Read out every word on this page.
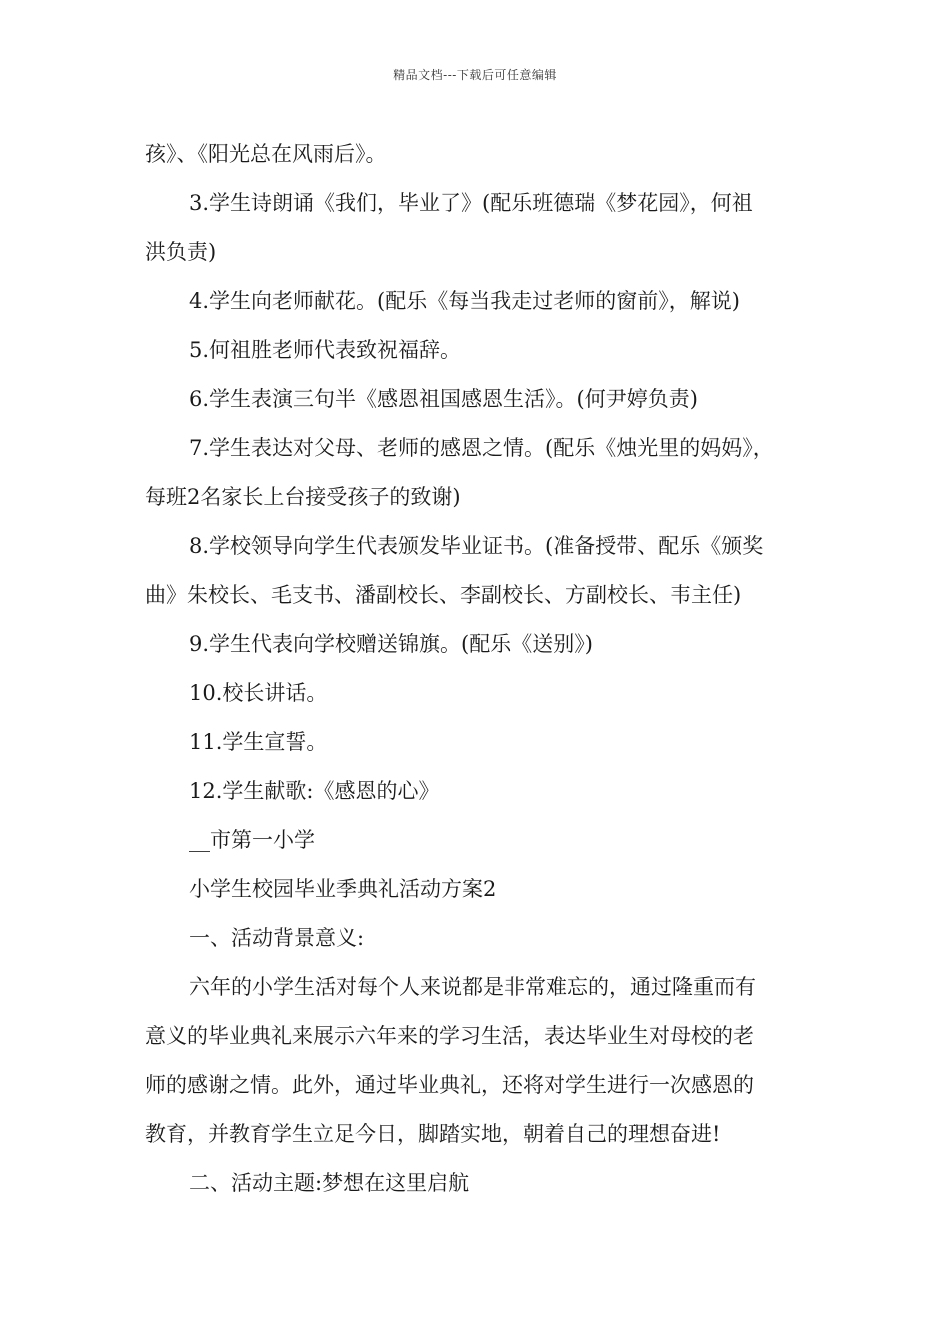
精品文档---下载后可任意编辑

孩》、《阳光总在风雨后》。

3.学生诗朗诵《我们，毕业了》(配乐班德瑞《梦花园》，何祖

洪负责)

4.学生向老师献花。(配乐《每当我走过老师的窗前》，解说)

5.何祖胜老师代表致祝福辞。

6.学生表演三句半《感恩祖国感恩生活》。(何尹婷负责)

7.学生表达对父母、老师的感恩之情。(配乐《烛光里的妈妈》，

每班2名家长上台接受孩子的致谢)

8.学校领导向学生代表颁发毕业证书。(准备授带、配乐《颁奖

曲》朱校长、毛支书、潘副校长、李副校长、方副校长、韦主任)

9.学生代表向学校赠送锦旗。(配乐《送别》)

10.校长讲话。

11.学生宣誓。

12.学生献歌:《感恩的心》

__市第一小学

小学生校园毕业季典礼活动方案2

一、活动背景意义:

六年的小学生活对每个人来说都是非常难忘的，通过隆重而有

意义的毕业典礼来展示六年来的学习生活，表达毕业生对母校的老

师的感谢之情。此外，通过毕业典礼，还将对学生进行一次感恩的

教育，并教育学生立足今日，脚踏实地，朝着自己的理想奋进!

二、活动主题:梦想在这里启航
